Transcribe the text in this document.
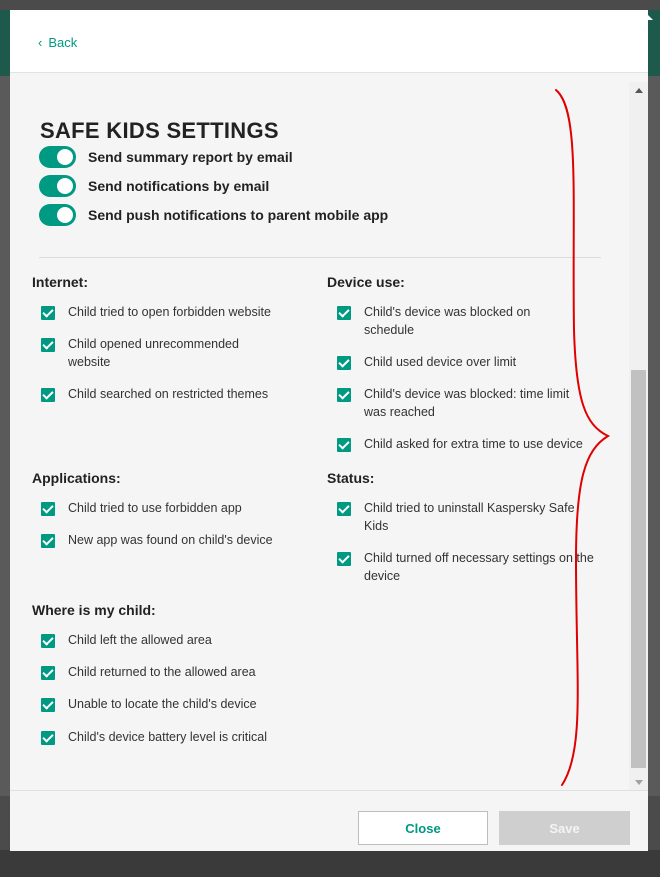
‹ Back
SAFE KIDS SETTINGS
Send summary report by email
Send notifications by email
Send push notifications to parent mobile app
Internet:
Child tried to open forbidden website
Child opened unrecommended website
Child searched on restricted themes
Device use:
Child's device was blocked on schedule
Child used device over limit
Child's device was blocked: time limit was reached
Child asked for extra time to use device
Applications:
Child tried to use forbidden app
New app was found on child's device
Status:
Child tried to uninstall Kaspersky Safe Kids
Child turned off necessary settings on the device
Where is my child:
Child left the allowed area
Child returned to the allowed area
Unable to locate the child's device
Child's device battery level is critical
Close	Save
